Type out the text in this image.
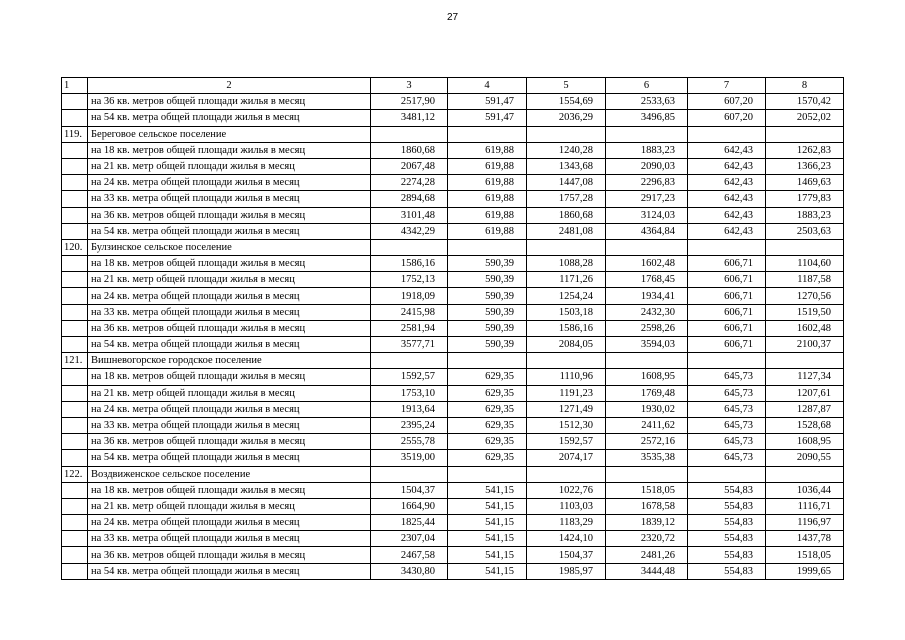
27
1	2	3	4	5	6	7	8
	на 36 кв. метров общей площади жилья в месяц	2517,90	591,47	1554,69	2533,63	607,20	1570,42
	на 54 кв. метра общей площади жилья в месяц	3481,12	591,47	2036,29	3496,85	607,20	2052,02
119.	Береговое сельское поселение						
	на 18 кв. метров общей площади жилья в месяц	1860,68	619,88	1240,28	1883,23	642,43	1262,83
	на 21 кв. метр общей площади жилья в месяц	2067,48	619,88	1343,68	2090,03	642,43	1366,23
	на 24 кв. метра общей площади жилья в месяц	2274,28	619,88	1447,08	2296,83	642,43	1469,63
	на 33 кв. метра общей площади жилья в месяц	2894,68	619,88	1757,28	2917,23	642,43	1779,83
	на 36 кв. метров общей площади жилья в месяц	3101,48	619,88	1860,68	3124,03	642,43	1883,23
	на 54 кв. метра общей площади жилья в месяц	4342,29	619,88	2481,08	4364,84	642,43	2503,63
120.	Булзинское сельское поселение						
	на 18 кв. метров общей площади жилья в месяц	1586,16	590,39	1088,28	1602,48	606,71	1104,60
	на 21 кв. метр общей площади жилья в месяц	1752,13	590,39	1171,26	1768,45	606,71	1187,58
	на 24 кв. метра общей площади жилья в месяц	1918,09	590,39	1254,24	1934,41	606,71	1270,56
	на 33 кв. метра общей площади жилья в месяц	2415,98	590,39	1503,18	2432,30	606,71	1519,50
	на 36 кв. метров общей площади жилья в месяц	2581,94	590,39	1586,16	2598,26	606,71	1602,48
	на 54 кв. метра общей площади жилья в месяц	3577,71	590,39	2084,05	3594,03	606,71	2100,37
121.	Вишневогорское городское поселение						
	на 18 кв. метров общей площади жилья в месяц	1592,57	629,35	1110,96	1608,95	645,73	1127,34
	на 21 кв. метр общей площади жилья в месяц	1753,10	629,35	1191,23	1769,48	645,73	1207,61
	на 24 кв. метра общей площади жилья в месяц	1913,64	629,35	1271,49	1930,02	645,73	1287,87
	на 33 кв. метра общей площади жилья в месяц	2395,24	629,35	1512,30	2411,62	645,73	1528,68
	на 36 кв. метров общей площади жилья в месяц	2555,78	629,35	1592,57	2572,16	645,73	1608,95
	на 54 кв. метра общей площади жилья в месяц	3519,00	629,35	2074,17	3535,38	645,73	2090,55
122.	Воздвиженское сельское поселение						
	на 18 кв. метров общей площади жилья в месяц	1504,37	541,15	1022,76	1518,05	554,83	1036,44
	на 21 кв. метр общей площади жилья в месяц	1664,90	541,15	1103,03	1678,58	554,83	1116,71
	на 24 кв. метра общей площади жилья в месяц	1825,44	541,15	1183,29	1839,12	554,83	1196,97
	на 33 кв. метра общей площади жилья в месяц	2307,04	541,15	1424,10	2320,72	554,83	1437,78
	на 36 кв. метров общей площади жилья в месяц	2467,58	541,15	1504,37	2481,26	554,83	1518,05
	на 54 кв. метра общей площади жилья в месяц	3430,80	541,15	1985,97	3444,48	554,83	1999,65
